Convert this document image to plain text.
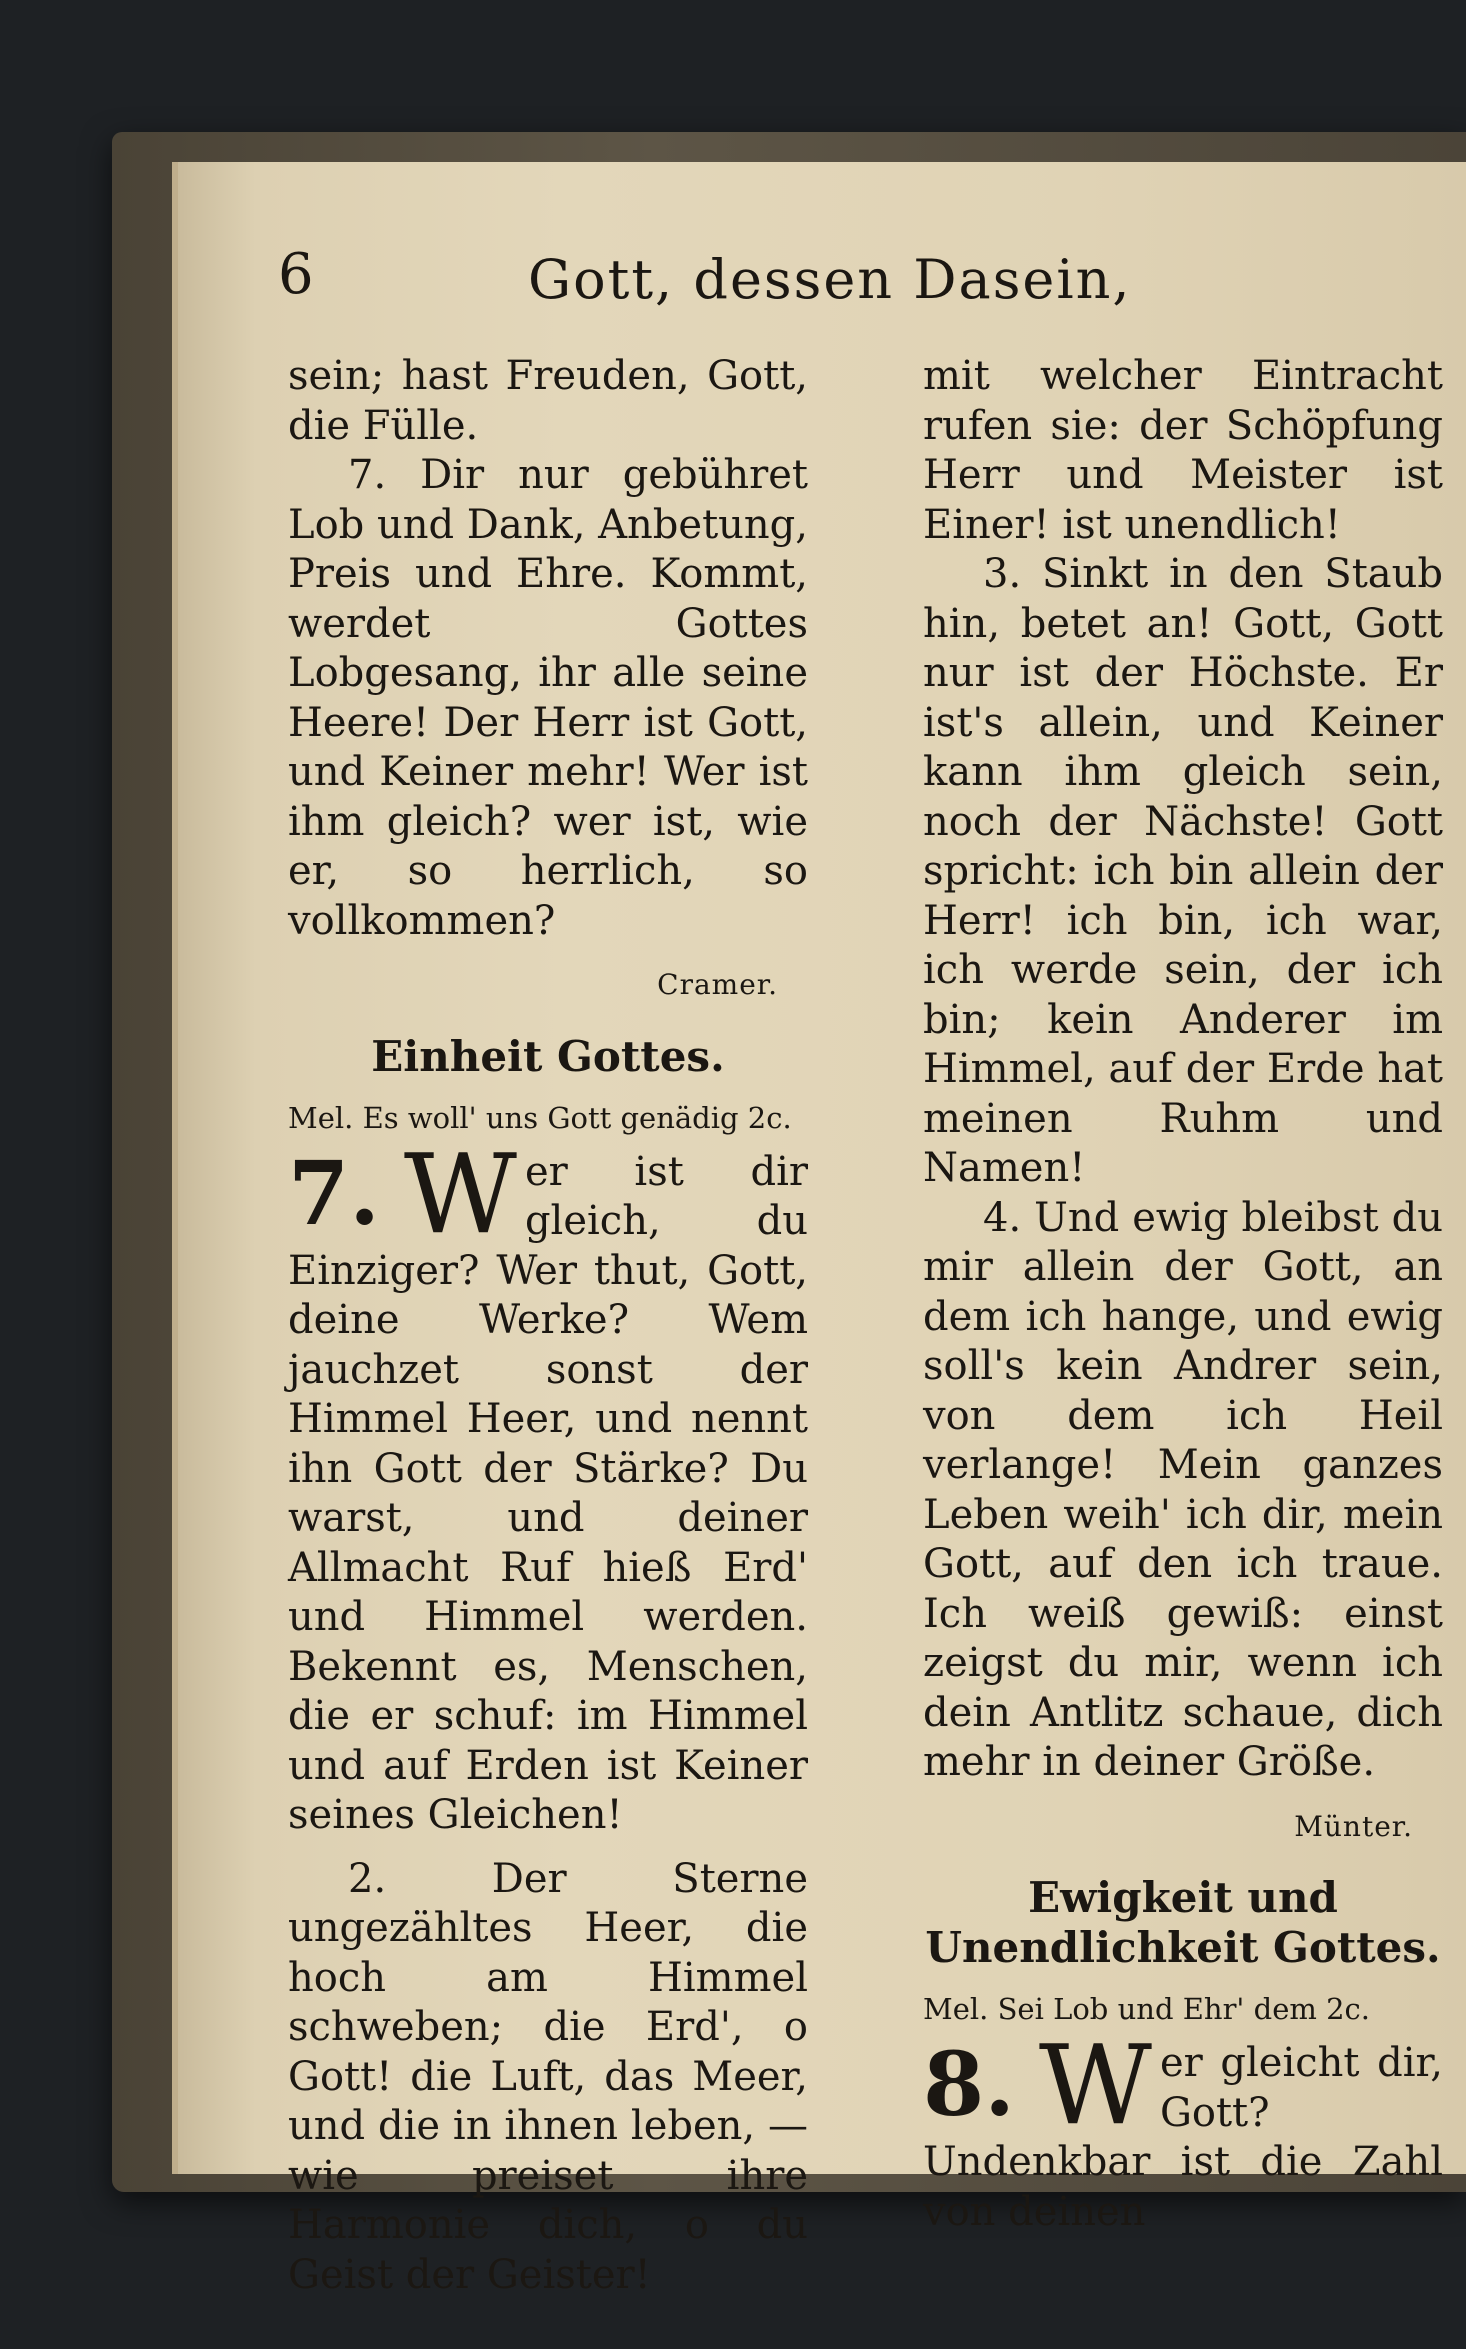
6	Gott, dessen Dasein,

sein; hast Freuden, Gott, die Fülle.

7. Dir nur gebühret Lob und Dank, Anbetung, Preis und Ehre. Kommt, werdet Gottes Lobgesang, ihr alle seine Heere! Der Herr ist Gott, und Keiner mehr! Wer ist ihm gleich? wer ist, wie er, so herrlich, so vollkommen?

Cramer.
Einheit Gottes.
Mel. Es woll' uns Gott genädig 2c.
7. W er ist dir gleich, du Einziger? Wer thut, Gott, deine Werke? Wem jauchzet sonst der Himmel Heer, und nennt ihn Gott der Stärke? Du warst, und deiner Allmacht Ruf hieß Erd' und Himmel werden. Bekennt es, Menschen, die er schuf: im Himmel und auf Erden ist Keiner seines Gleichen!

2. Der Sterne ungezähltes Heer, die hoch am Himmel schweben; die Erd', o Gott! die Luft, das Meer, und die in ihnen leben, — wie preiset ihre Harmonie dich, o du Geist der Geister!

mit welcher Eintracht rufen sie: der Schöpfung Herr und Meister ist Einer! ist unendlich!

3. Sinkt in den Staub hin, betet an! Gott, Gott nur ist der Höchste. Er ist's allein, und Keiner kann ihm gleich sein, noch der Nächste! Gott spricht: ich bin allein der Herr! ich bin, ich war, ich werde sein, der ich bin; kein Anderer im Himmel, auf der Erde hat meinen Ruhm und Namen!

4. Und ewig bleibst du mir allein der Gott, an dem ich hange, und ewig soll's kein Andrer sein, von dem ich Heil verlange! Mein ganzes Leben weih' ich dir, mein Gott, auf den ich traue. Ich weiß gewiß: einst zeigst du mir, wenn ich dein Antlitz schaue, dich mehr in deiner Größe.

Münter.
Ewigkeit und Unendlichkeit Gottes.
Mel. Sei Lob und Ehr' dem 2c.
8. W er gleicht dir, Gott? Undenkbar ist die Zahl von deinen
